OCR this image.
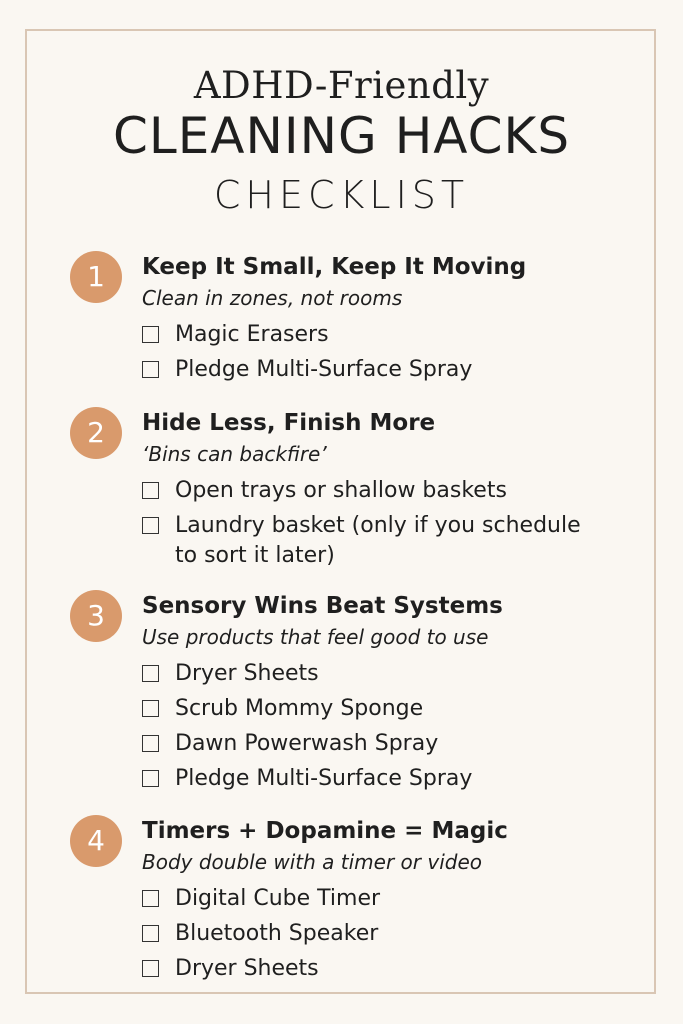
ADHD-Friendly
CLEANING HACKS
CHECKLIST
1	Keep It Small, Keep It Moving
Clean in zones, not rooms
Magic Erasers
Pledge Multi-Surface Spray
2	Hide Less, Finish More
‘Bins can backfire’
Open trays or shallow baskets
Laundry basket (only if you schedule to sort it later)
3	Sensory Wins Beat Systems
Use products that feel good to use
Dryer Sheets
Scrub Mommy Sponge
Dawn Powerwash Spray
Pledge Multi-Surface Spray
4	Timers + Dopamine = Magic
Body double with a timer or video
Digital Cube Timer
Bluetooth Speaker
Dryer Sheets
